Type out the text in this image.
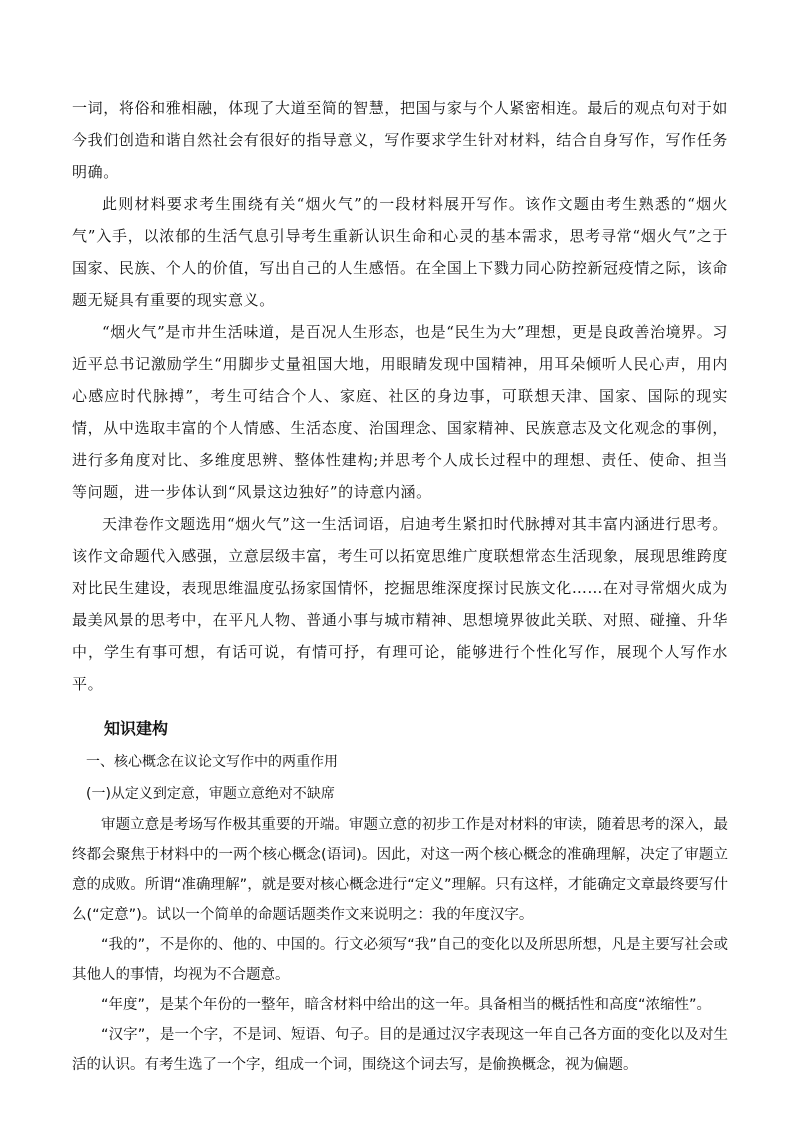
一词，将俗和雅相融，体现了大道至简的智慧，把国与家与个人紧密相连。最后的观点句对于如今我们创造和谐自然社会有很好的指导意义，写作要求学生针对材料，结合自身写作，写作任务明确。

此则材料要求考生围绕有关“烟火气”的一段材料展开写作。该作文题由考生熟悉的“烟火气”入手，以浓郁的生活气息引导考生重新认识生命和心灵的基本需求，思考寻常“烟火气”之于国家、民族、个人的价值，写出自己的人生感悟。在全国上下戮力同心防控新冠疫情之际，该命题无疑具有重要的现实意义。

“烟火气”是市井生活味道，是百况人生形态，也是“民生为大”理想，更是良政善治境界。习近平总书记激励学生“用脚步丈量祖国大地，用眼睛发现中国精神，用耳朵倾听人民心声，用内心感应时代脉搏”，考生可结合个人、家庭、社区的身边事，可联想天津、国家、国际的现实情，从中选取丰富的个人情感、生活态度、治国理念、国家精神、民族意志及文化观念的事例，进行多角度对比、多维度思辨、整体性建构;并思考个人成长过程中的理想、责任、使命、担当等问题，进一步体认到“风景这边独好”的诗意内涵。

天津卷作文题选用“烟火气”这一生活词语，启迪考生紧扣时代脉搏对其丰富内涵进行思考。该作文命题代入感强，立意层级丰富，考生可以拓宽思维广度联想常态生活现象，展现思维跨度对比民生建设，表现思维温度弘扬家国情怀，挖掘思维深度探讨民族文化……在对寻常烟火成为最美风景的思考中，在平凡人物、普通小事与城市精神、思想境界彼此关联、对照、碰撞、升华中，学生有事可想，有话可说，有情可抒，有理可论，能够进行个性化写作，展现个人写作水平。

知识建构
一、核心概念在议论文写作中的两重作用
(一)从定义到定意，审题立意绝对不缺席

审题立意是考场写作极其重要的开端。审题立意的初步工作是对材料的审读，随着思考的深入，最终都会聚焦于材料中的一两个核心概念(语词)。因此，对这一两个核心概念的准确理解，决定了审题立意的成败。所谓“准确理解”，就是要对核心概念进行“定义”理解。只有这样，才能确定文章最终要写什么(“定意”)。试以一个简单的命题话题类作文来说明之：我的年度汉字。

“我的”，不是你的、他的、中国的。行文必须写“我”自己的变化以及所思所想，凡是主要写社会或其他人的事情，均视为不合题意。

“年度”，是某个年份的一整年，暗含材料中给出的这一年。具备相当的概括性和高度“浓缩性”。

“汉字”，是一个字，不是词、短语、句子。目的是通过汉字表现这一年自己各方面的变化以及对生活的认识。有考生选了一个字，组成一个词，围绕这个词去写，是偷换概念，视为偏题。
